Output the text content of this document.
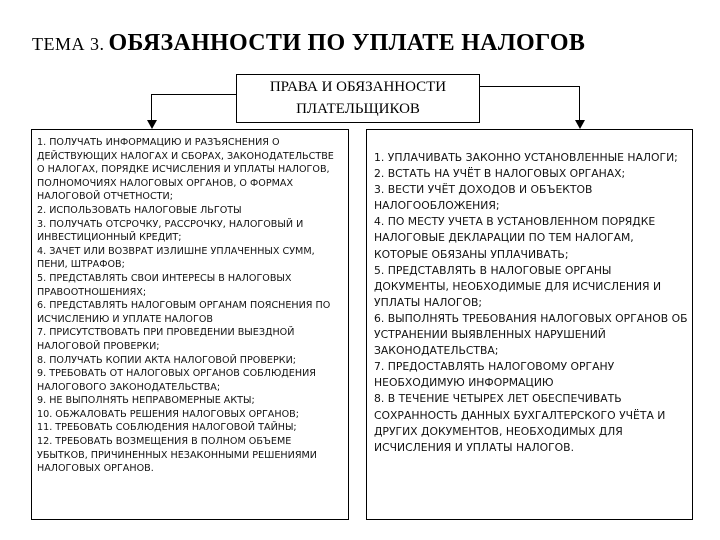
ТЕМА 3. ОБЯЗАННОСТИ ПО УПЛАТЕ НАЛОГОВ
ПРАВА И ОБЯЗАННОСТИ
ПЛАТЕЛЬЩИКОВ
1. ПОЛУЧАТЬ ИНФОРМАЦИЮ И РАЗЪЯСНЕНИЯ О ДЕЙСТВУЮЩИХ НАЛОГАХ И СБОРАХ, ЗАКОНОДАТЕЛЬСТВЕ О НАЛОГАХ, ПОРЯДКЕ ИСЧИСЛЕНИЯ И УПЛАТЫ НАЛОГОВ, ПОЛНОМОЧИЯХ НАЛОГОВЫХ ОРГАНОВ, О ФОРМАХ НАЛОГОВОЙ ОТЧЕТНОСТИ;
2. ИСПОЛЬЗОВАТЬ НАЛОГОВЫЕ ЛЬГОТЫ
3. ПОЛУЧАТЬ ОТСРОЧКУ, РАССРОЧКУ, НАЛОГОВЫЙ И ИНВЕСТИЦИОННЫЙ КРЕДИТ;
4. ЗАЧЕТ ИЛИ ВОЗВРАТ ИЗЛИШНЕ УПЛАЧЕННЫХ СУММ, ПЕНИ, ШТРАФОВ;
5. ПРЕДСТАВЛЯТЬ СВОИ ИНТЕРЕСЫ В НАЛОГОВЫХ ПРАВООТНОШЕНИЯХ;
6. ПРЕДСТАВЛЯТЬ НАЛОГОВЫМ ОРГАНАМ ПОЯСНЕНИЯ ПО ИСЧИСЛЕНИЮ И УПЛАТЕ НАЛОГОВ
7. ПРИСУТСТВОВАТЬ ПРИ ПРОВЕДЕНИИ ВЫЕЗДНОЙ НАЛОГОВОЙ ПРОВЕРКИ;
8. ПОЛУЧАТЬ КОПИИ АКТА НАЛОГОВОЙ ПРОВЕРКИ;
9. ТРЕБОВАТЬ ОТ НАЛОГОВЫХ ОРГАНОВ СОБЛЮДЕНИЯ НАЛОГОВОГО ЗАКОНОДАТЕЛЬСТВА;
9. НЕ ВЫПОЛНЯТЬ НЕПРАВОМЕРНЫЕ АКТЫ;
10. ОБЖАЛОВАТЬ РЕШЕНИЯ НАЛОГОВЫХ ОРГАНОВ;
11. ТРЕБОВАТЬ СОБЛЮДЕНИЯ НАЛОГОВОЙ ТАЙНЫ;
12. ТРЕБОВАТЬ ВОЗМЕЩЕНИЯ В ПОЛНОМ ОБЪЕМЕ УБЫТКОВ, ПРИЧИНЕННЫХ НЕЗАКОННЫМИ РЕШЕНИЯМИ НАЛОГОВЫХ ОРГАНОВ.
1. УПЛАЧИВАТЬ ЗАКОННО УСТАНОВЛЕННЫЕ НАЛОГИ;
2. ВСТАТЬ НА УЧЁТ В НАЛОГОВЫХ ОРГАНАХ;
3. ВЕСТИ УЧЁТ ДОХОДОВ И ОБЪЕКТОВ НАЛОГООБЛОЖЕНИЯ;
4. ПО МЕСТУ УЧЕТА В УСТАНОВЛЕННОМ ПОРЯДКЕ НАЛОГОВЫЕ ДЕКЛАРАЦИИ ПО ТЕМ НАЛОГАМ, КОТОРЫЕ ОБЯЗАНЫ УПЛАЧИВАТЬ;
5. ПРЕДСТАВЛЯТЬ В НАЛОГОВЫЕ ОРГАНЫ ДОКУМЕНТЫ, НЕОБХОДИМЫЕ ДЛЯ ИСЧИСЛЕНИЯ И УПЛАТЫ НАЛОГОВ;
6. ВЫПОЛНЯТЬ ТРЕБОВАНИЯ НАЛОГОВЫХ ОРГАНОВ ОБ УСТРАНЕНИИ ВЫЯВЛЕННЫХ НАРУШЕНИЙ ЗАКОНОДАТЕЛЬСТВА;
7. ПРЕДОСТАВЛЯТЬ НАЛОГОВОМУ ОРГАНУ НЕОБХОДИМУЮ ИНФОРМАЦИЮ
8. В ТЕЧЕНИЕ ЧЕТЫРЕХ ЛЕТ ОБЕСПЕЧИВАТЬ СОХРАННОСТЬ ДАННЫХ БУХГАЛТЕРСКОГО УЧЁТА И ДРУГИХ ДОКУМЕНТОВ, НЕОБХОДИМЫХ ДЛЯ ИСЧИСЛЕНИЯ И УПЛАТЫ НАЛОГОВ.
